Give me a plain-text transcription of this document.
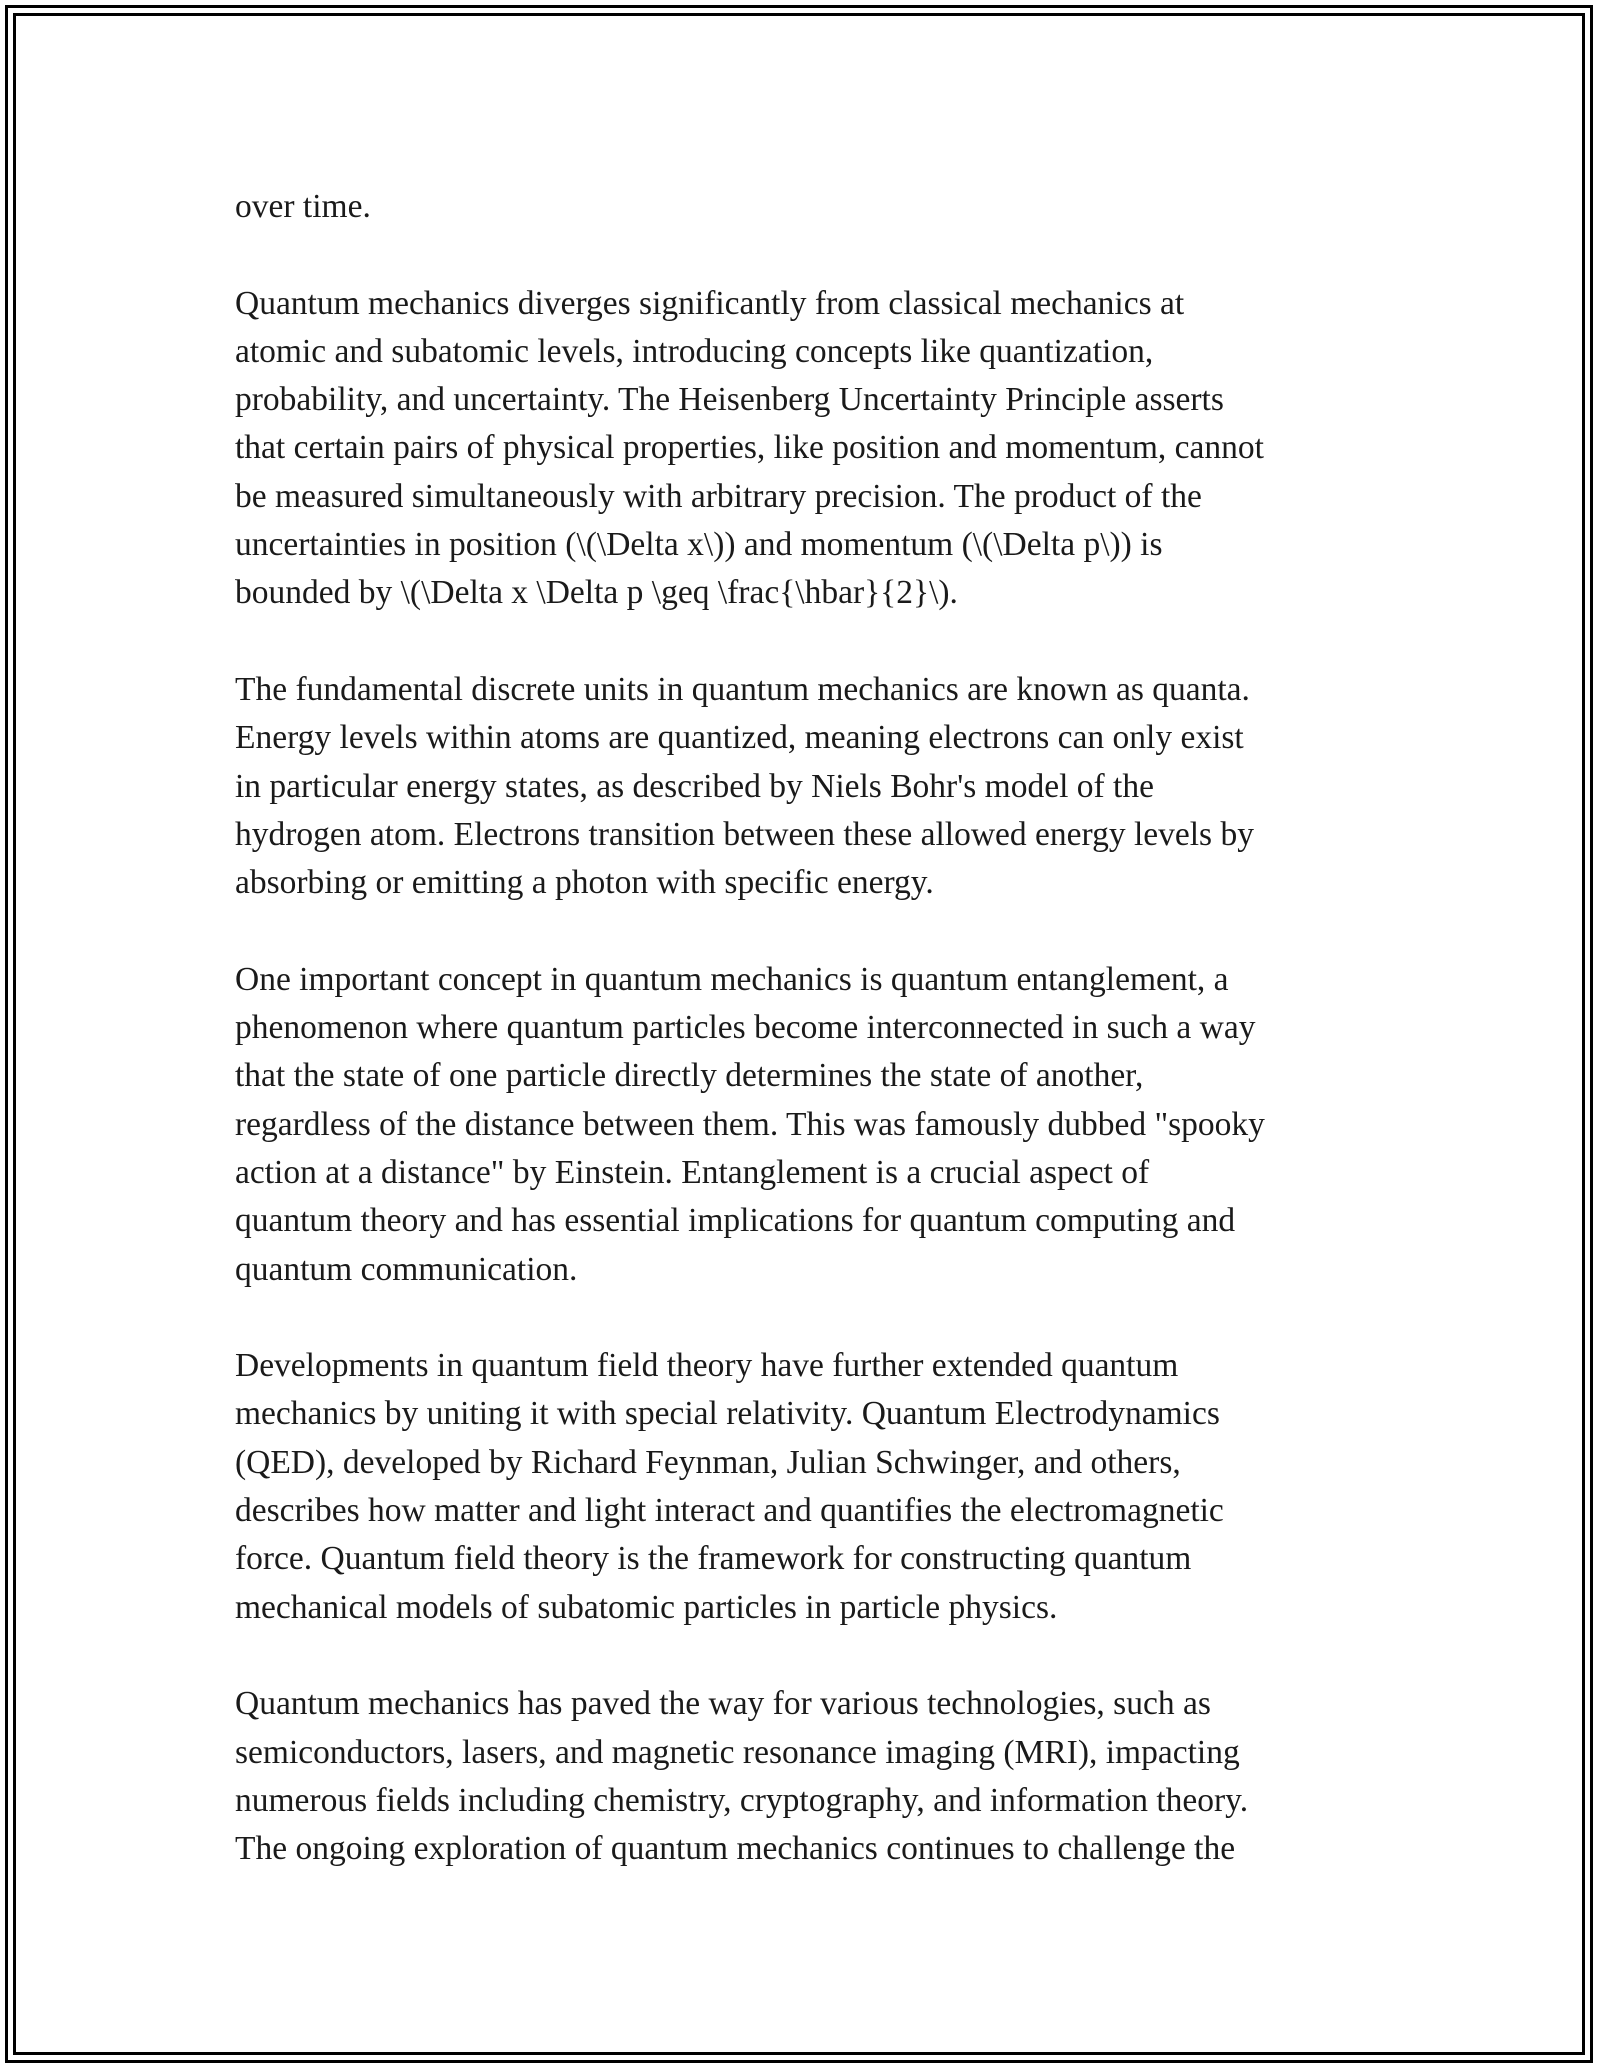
over time.

Quantum mechanics diverges significantly from classical mechanics at
atomic and subatomic levels, introducing concepts like quantization,
probability, and uncertainty. The Heisenberg Uncertainty Principle asserts
that certain pairs of physical properties, like position and momentum, cannot
be measured simultaneously with arbitrary precision. The product of the
uncertainties in position (\(\Delta x\)) and momentum (\(\Delta p\)) is
bounded by \(\Delta x \Delta p \geq \frac{\hbar}{2}\).

The fundamental discrete units in quantum mechanics are known as quanta.
Energy levels within atoms are quantized, meaning electrons can only exist
in particular energy states, as described by Niels Bohr's model of the
hydrogen atom. Electrons transition between these allowed energy levels by
absorbing or emitting a photon with specific energy.

One important concept in quantum mechanics is quantum entanglement, a
phenomenon where quantum particles become interconnected in such a way
that the state of one particle directly determines the state of another,
regardless of the distance between them. This was famously dubbed "spooky
action at a distance" by Einstein. Entanglement is a crucial aspect of
quantum theory and has essential implications for quantum computing and
quantum communication.

Developments in quantum field theory have further extended quantum
mechanics by uniting it with special relativity. Quantum Electrodynamics
(QED), developed by Richard Feynman, Julian Schwinger, and others,
describes how matter and light interact and quantifies the electromagnetic
force. Quantum field theory is the framework for constructing quantum
mechanical models of subatomic particles in particle physics.

Quantum mechanics has paved the way for various technologies, such as
semiconductors, lasers, and magnetic resonance imaging (MRI), impacting
numerous fields including chemistry, cryptography, and information theory.
The ongoing exploration of quantum mechanics continues to challenge the
